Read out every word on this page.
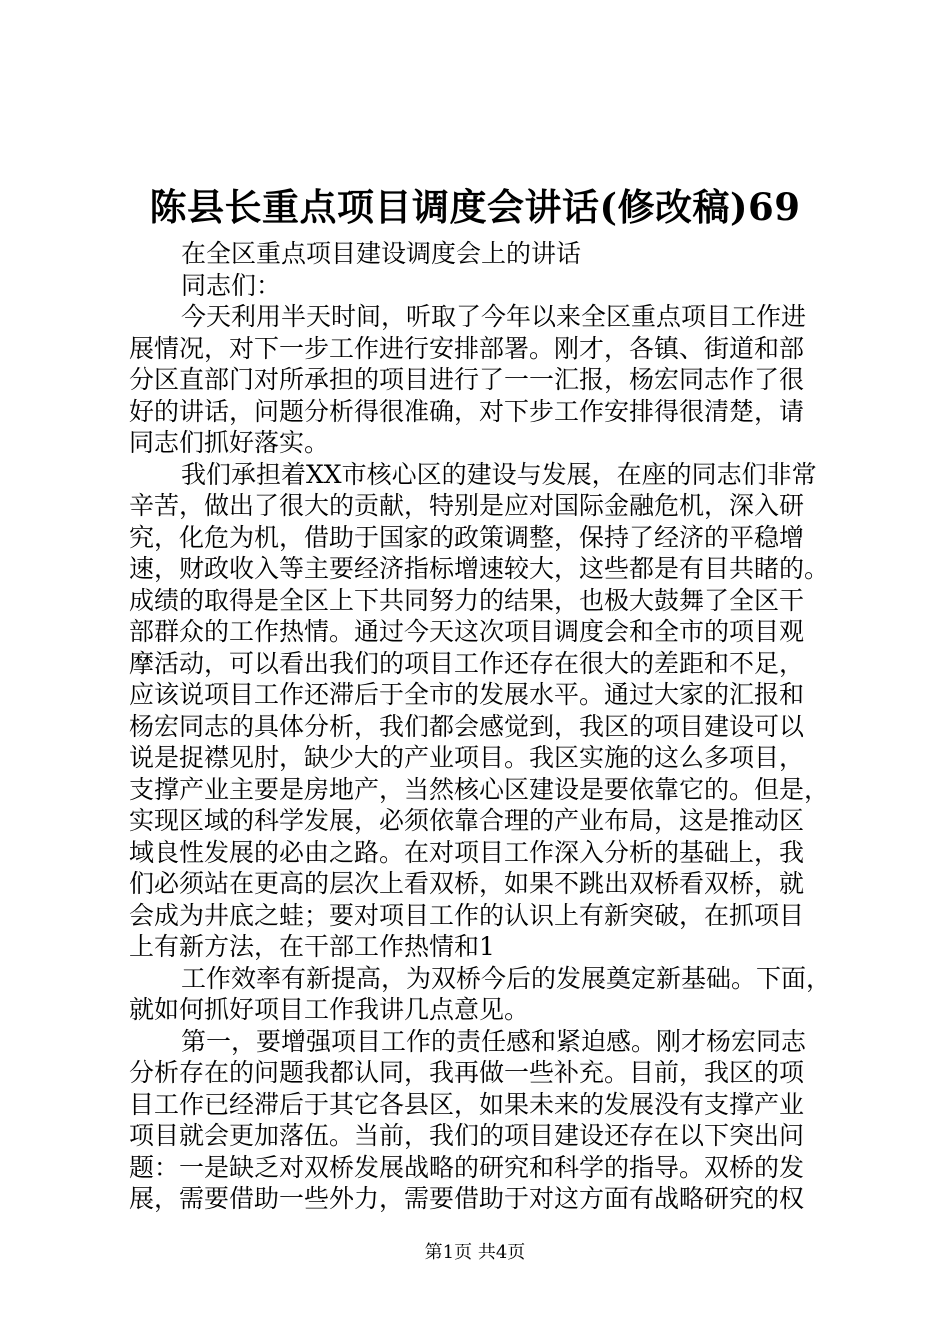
陈县长重点项目调度会讲话(修改稿)69
在全区重点项目建设调度会上的讲话
同志们：
今天利用半天时间，听取了今年以来全区重点项目工作进
展情况，对下一步工作进行安排部署。刚才，各镇、街道和部
分区直部门对所承担的项目进行了一一汇报，杨宏同志作了很
好的讲话，问题分析得很准确，对下步工作安排得很清楚，请
同志们抓好落实。
我们承担着XX市核心区的建设与发展，在座的同志们非常
辛苦，做出了很大的贡献，特别是应对国际金融危机，深入研
究，化危为机，借助于国家的政策调整，保持了经济的平稳增
速，财政收入等主要经济指标增速较大，这些都是有目共睹的。
成绩的取得是全区上下共同努力的结果，也极大鼓舞了全区干
部群众的工作热情。通过今天这次项目调度会和全市的项目观
摩活动，可以看出我们的项目工作还存在很大的差距和不足，
应该说项目工作还滞后于全市的发展水平。通过大家的汇报和
杨宏同志的具体分析，我们都会感觉到，我区的项目建设可以
说是捉襟见肘，缺少大的产业项目。我区实施的这么多项目，
支撑产业主要是房地产，当然核心区建设是要依靠它的。但是，
实现区域的科学发展，必须依靠合理的产业布局，这是推动区
域良性发展的必由之路。在对项目工作深入分析的基础上，我
们必须站在更高的层次上看双桥，如果不跳出双桥看双桥，就
会成为井底之蛙；要对项目工作的认识上有新突破，在抓项目
上有新方法，在干部工作热情和1
工作效率有新提高，为双桥今后的发展奠定新基础。下面，
就如何抓好项目工作我讲几点意见。
第一，要增强项目工作的责任感和紧迫感。刚才杨宏同志
分析存在的问题我都认同，我再做一些补充。目前，我区的项
目工作已经滞后于其它各县区，如果未来的发展没有支撑产业
项目就会更加落伍。当前，我们的项目建设还存在以下突出问
题：一是缺乏对双桥发展战略的研究和科学的指导。双桥的发
展，需要借助一些外力，需要借助于对这方面有战略研究的权
第1页 共4页
